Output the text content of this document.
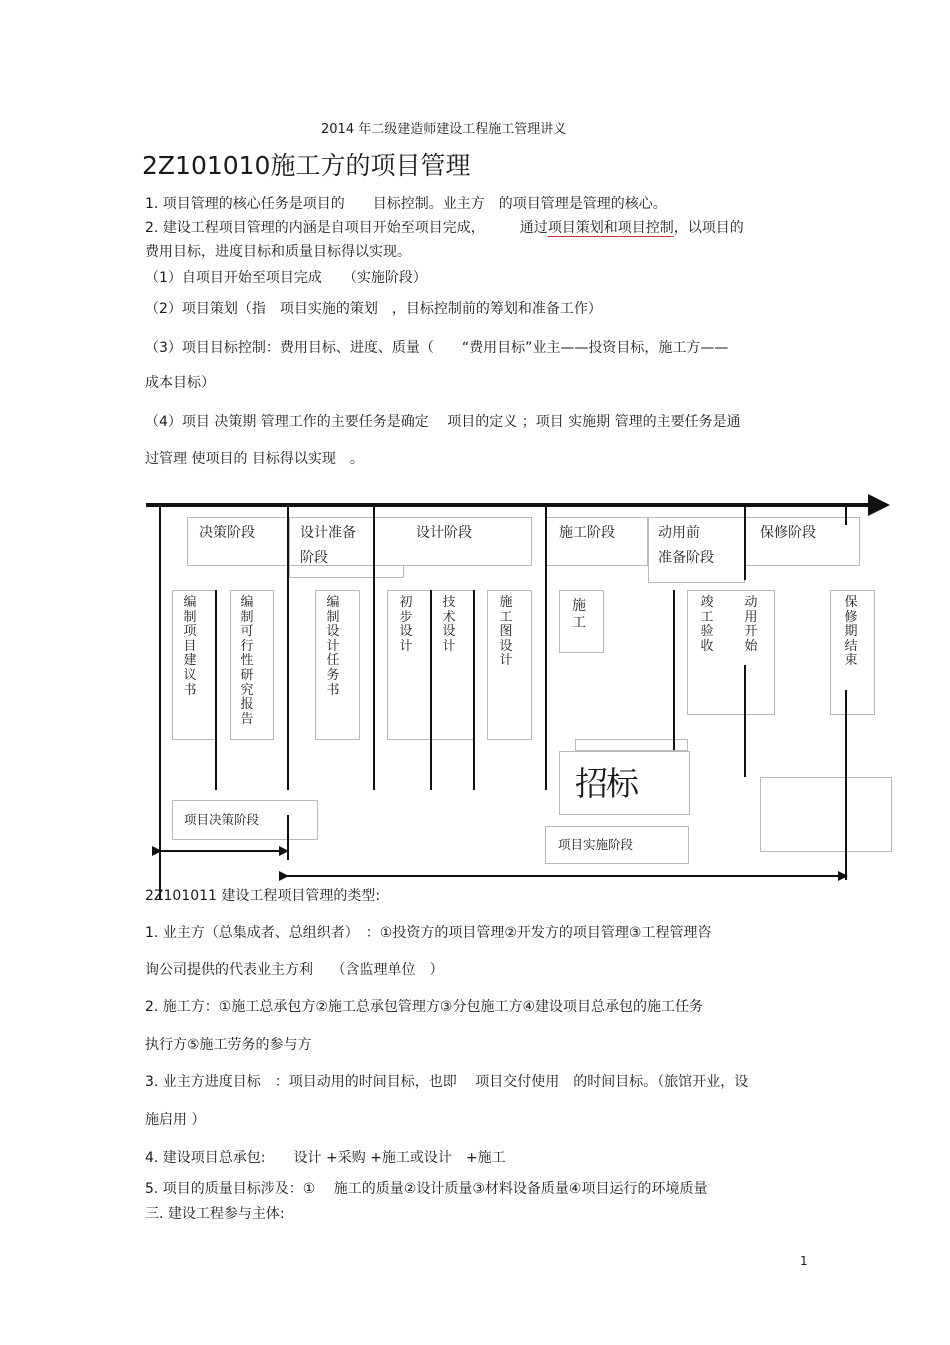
2014 年二级建造师建设工程施工管理讲义
2Z101010施工方的项目管理
1. 项目管理的核心任务是项目的　　目标控制。业主方　的项目管理是管理的核心。
2. 建设工程项目管理的内涵是自项目开始至项目完成，　　　通过项目策划和项目控制，以项目的
费用目标，进度目标和质量目标得以实现。
（1）自项目开始至项目完成　　（实施阶段）
（2）项目策划（指　项目实施的策划　，目标控制前的筹划和准备工作）
（3）项目目标控制：费用目标、进度、质量（　　“费用目标”业主——投资目标，施工方——
成本目标）
（4）项目 决策期 管理工作的主要任务是确定　 项目的定义 ；项目 实施期 管理的主要任务是通
过管理 使项目的 目标得以实现　。
决策阶段	设计准备
阶段
设计阶段	施工阶段	动用前
准备阶段
保修阶段
编制项目建议书
编制可行性研究报告
编制设计任务书
初步设计
技术设计
施工图设计
施工
竣工验收
动用开始
保修期结束
招标
项目决策阶段
项目实施阶段
2Z101011 建设工程项目管理的类型:
1. 业主方（总集成者、总组织者）　：①投资方的项目管理②开发方的项目管理③工程管理咨
询公司提供的代表业主方利　 （含监理单位　）
2. 施工方：①施工总承包方②施工总承包管理方③分包施工方④建设项目总承包的施工任务
执行方⑤施工劳务的参与方
3. 业主方进度目标　：项目动用的时间目标，也即　 项目交付使用　的时间目标。（旅馆开业，设
施启用 ）
4. 建设项目总承包:　　设计 +采购 +施工或设计　+施工
5. 项目的质量目标涉及：①　 施工的质量②设计质量③材料设备质量④项目运行的环境质量
三. 建设工程参与主体:
1
